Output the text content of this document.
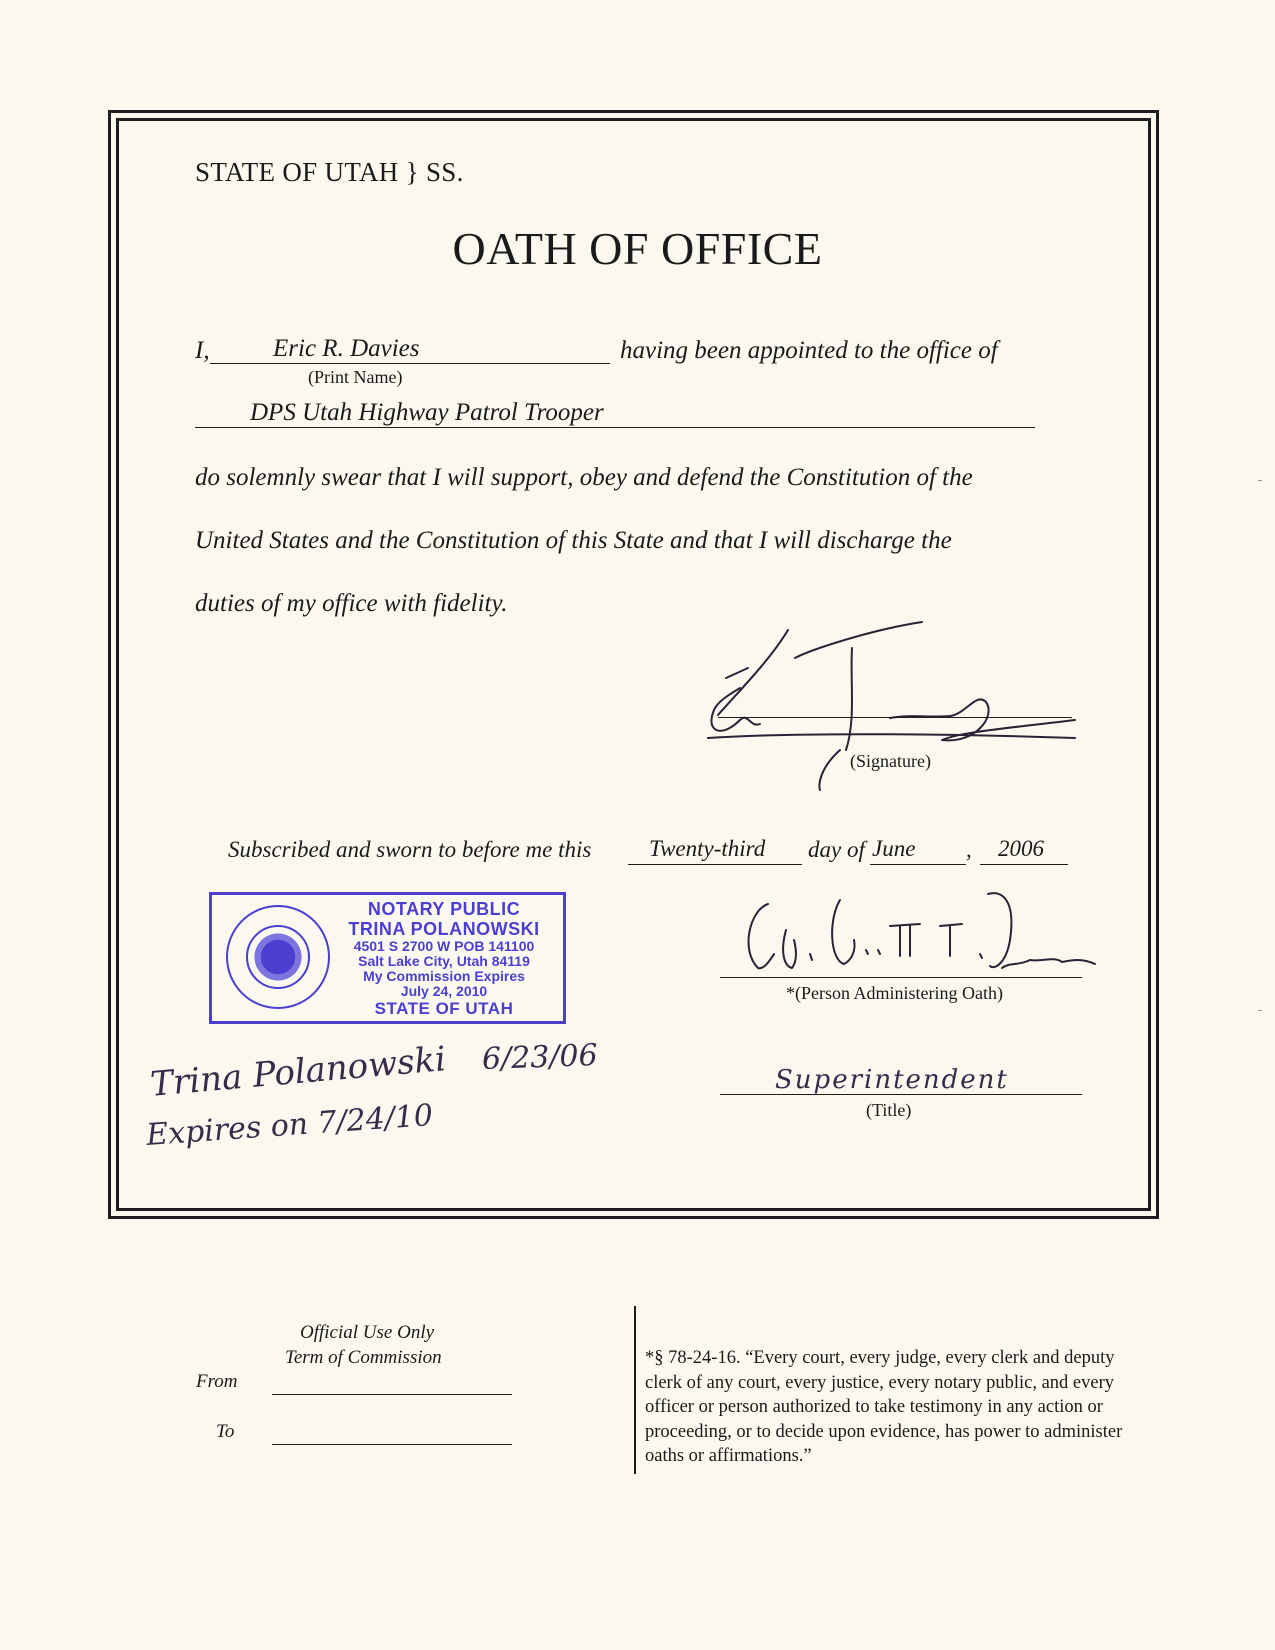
STATE OF UTAH } SS.
OATH OF OFFICE
I,	Eric R. Davies
(Print Name)
having been appointed to the office of
DPS Utah Highway Patrol Trooper
do solemnly swear that I will support, obey and defend the Constitution of the
United States and the Constitution of this State and that I will discharge the
duties of my office with fidelity.
(Signature)
Subscribed and sworn to before me this	Twenty-third day of June , 2006
NOTARY PUBLIC
TRINA POLANOWSKI
4501 S 2700 W POB 141100
Salt Lake City, Utah 84119
My Commission Expires
July 24, 2010
STATE OF UTAH
*(Person Administering Oath)
Superintendent
(Title)
Trina Polanowski 6/23/06
Expires on 7/24/10
Official Use Only
Term of Commission
From
To
*§ 78-24-16. “Every court, every judge, every clerk and deputy clerk of any court, every justice, every notary public, and every officer or person authorized to take testimony in any action or proceeding, or to decide upon evidence, has power to administer oaths or affirmations.”
